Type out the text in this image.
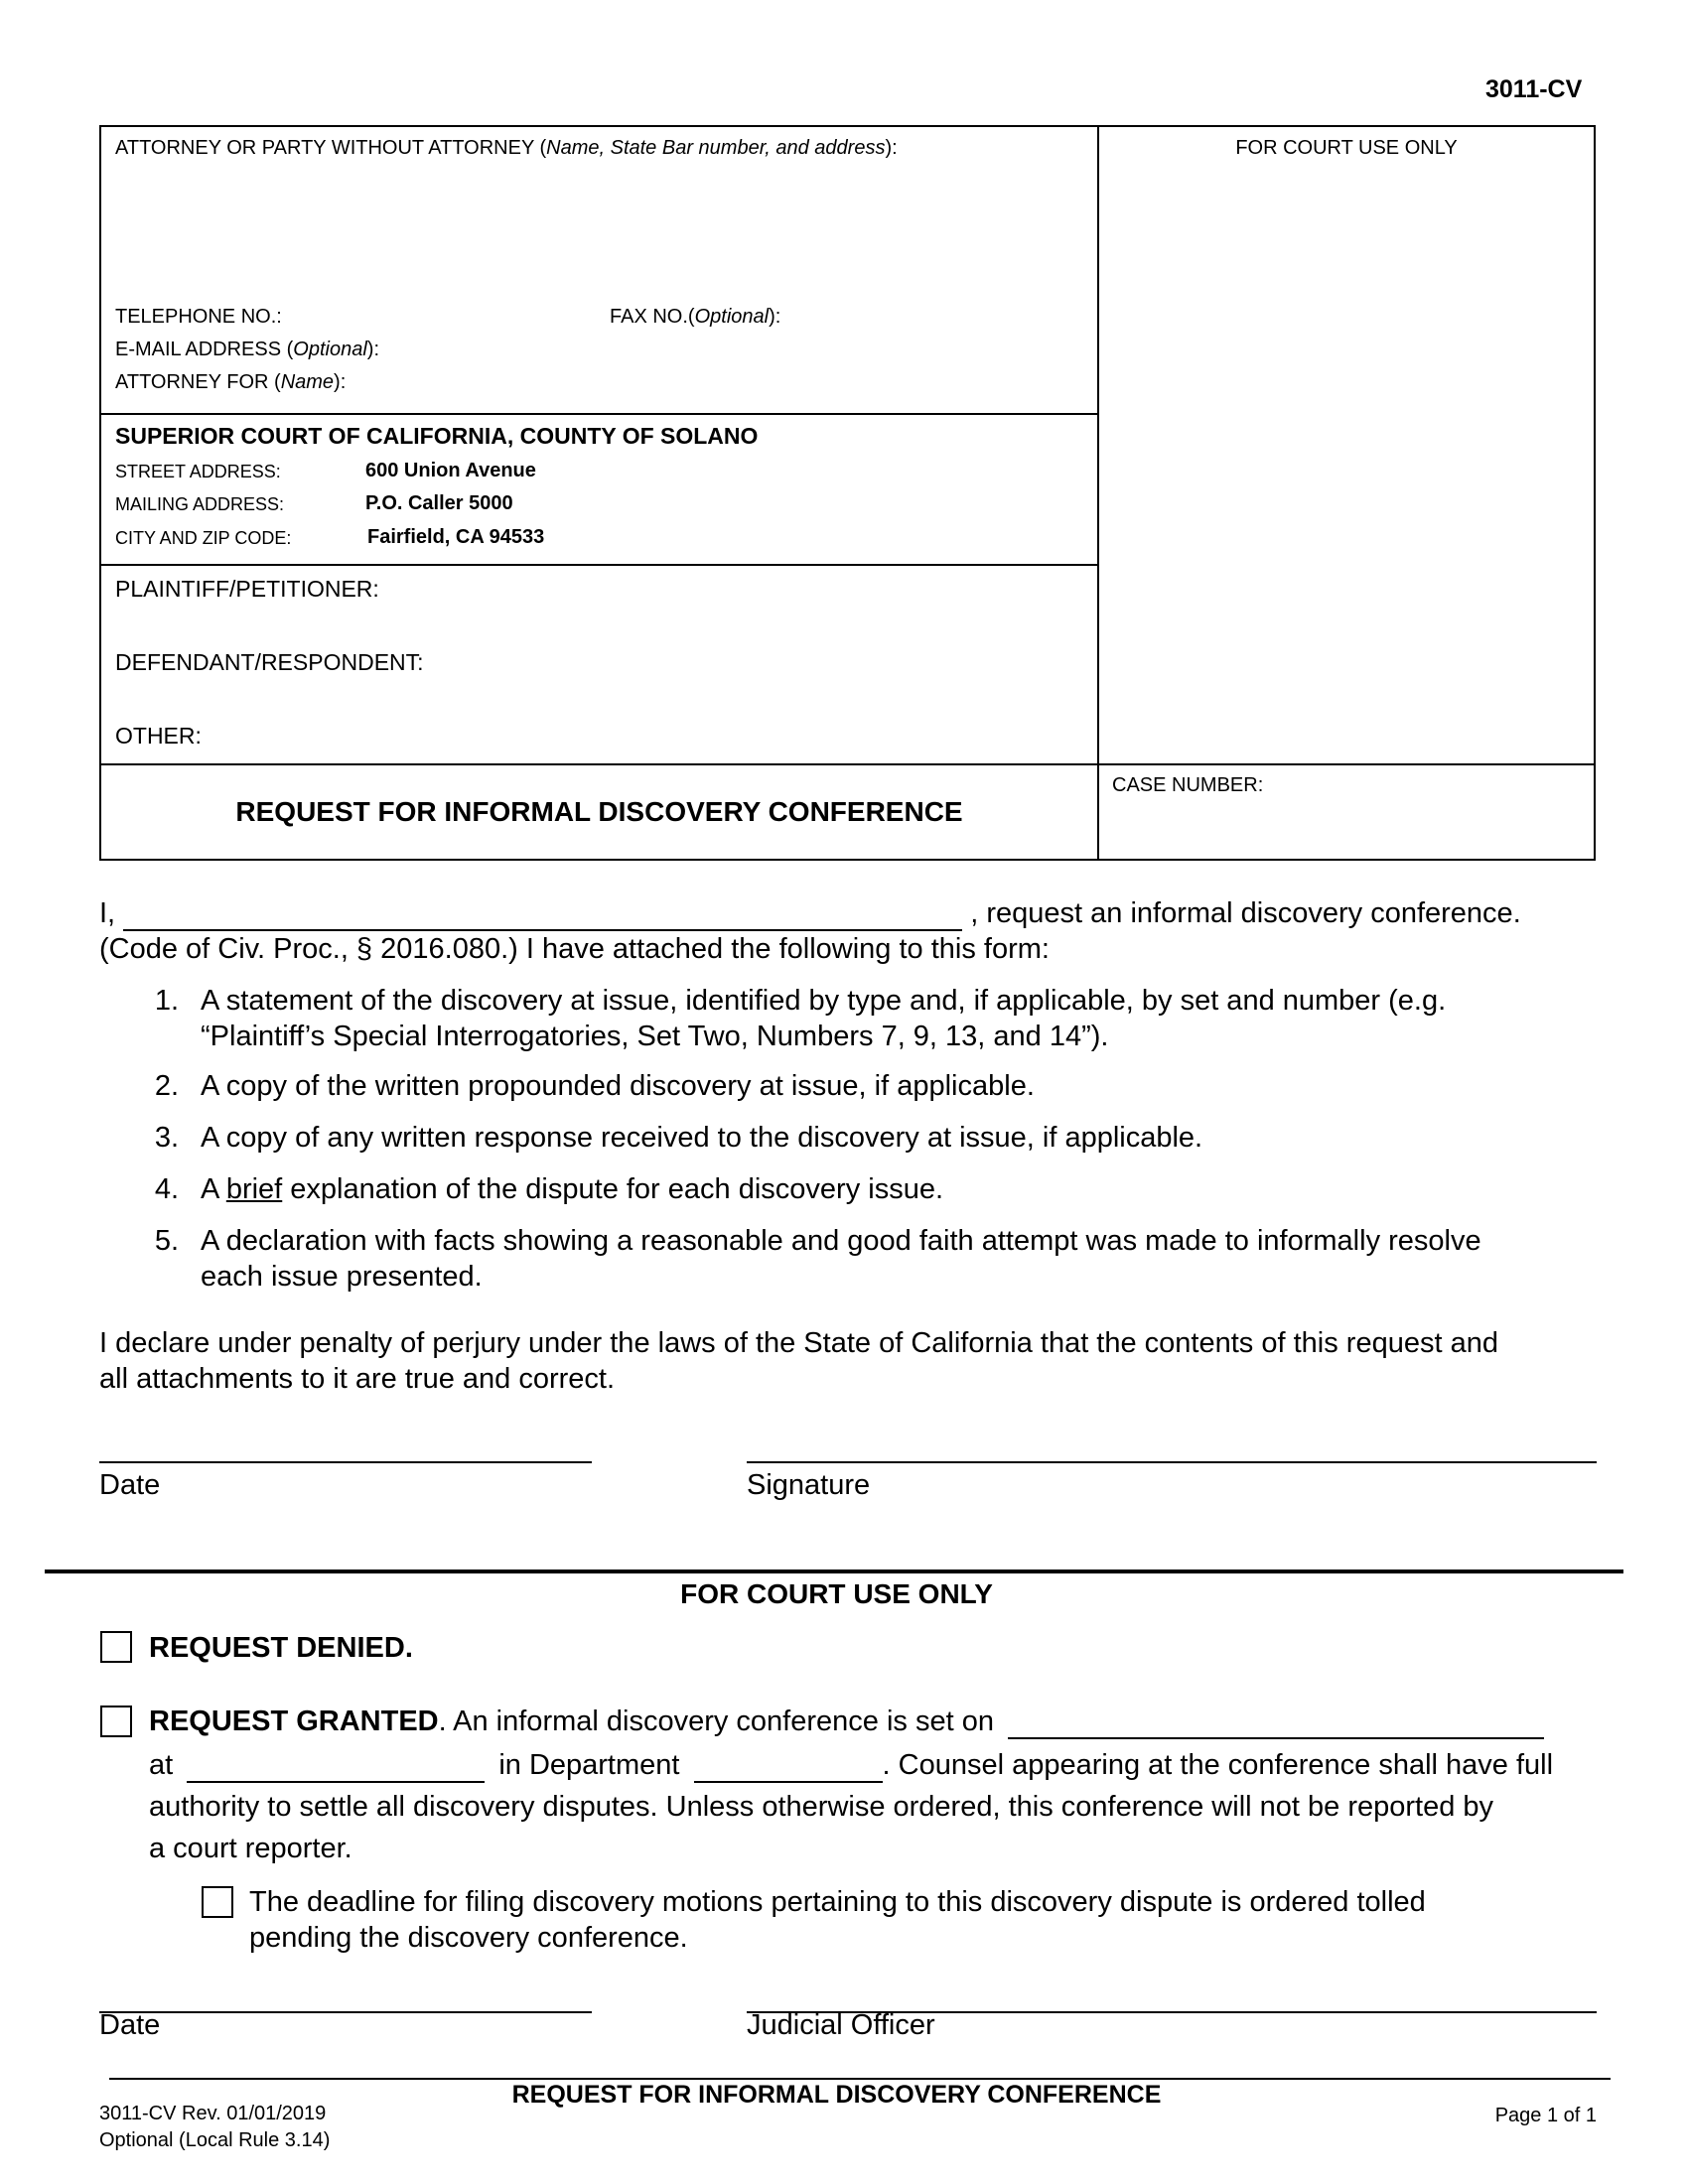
3011-CV
ATTORNEY OR PARTY WITHOUT ATTORNEY (Name, State Bar number, and address):	FOR COURT USE ONLY
TELEPHONE NO.:	FAX NO.(Optional):
E-MAIL ADDRESS (Optional):
ATTORNEY FOR (Name):
SUPERIOR COURT OF CALIFORNIA, COUNTY OF SOLANO
STREET ADDRESS:	600 Union Avenue
MAILING ADDRESS:	P.O. Caller 5000
CITY AND ZIP CODE:	Fairfield, CA 94533
PLAINTIFF/PETITIONER:
DEFENDANT/RESPONDENT:
OTHER:
REQUEST FOR INFORMAL DISCOVERY CONFERENCE
CASE NUMBER:
I,	, request an informal discovery conference.
(Code of Civ. Proc., § 2016.080.) I have attached the following to this form:
1. A statement of the discovery at issue, identified by type and, if applicable, by set and number (e.g.
“Plaintiff’s Special Interrogatories, Set Two, Numbers 7, 9, 13, and 14”).
2. A copy of the written propounded discovery at issue, if applicable.
3. A copy of any written response received to the discovery at issue, if applicable.
4. A brief explanation of the dispute for each discovery issue.
5. A declaration with facts showing a reasonable and good faith attempt was made to informally resolve
each issue presented.
I declare under penalty of perjury under the laws of the State of California that the contents of this request and
all attachments to it are true and correct.
Date	Signature
FOR COURT USE ONLY
REQUEST DENIED.
REQUEST GRANTED. An informal discovery conference is set on
at	in Department	. Counsel appearing at the conference shall have full
authority to settle all discovery disputes. Unless otherwise ordered, this conference will not be reported by
a court reporter.
The deadline for filing discovery motions pertaining to this discovery dispute is ordered tolled
pending the discovery conference.
Date	Judicial Officer
REQUEST FOR INFORMAL DISCOVERY CONFERENCE
3011-CV Rev. 01/01/2019
Optional (Local Rule 3.14)
Page 1 of 1
